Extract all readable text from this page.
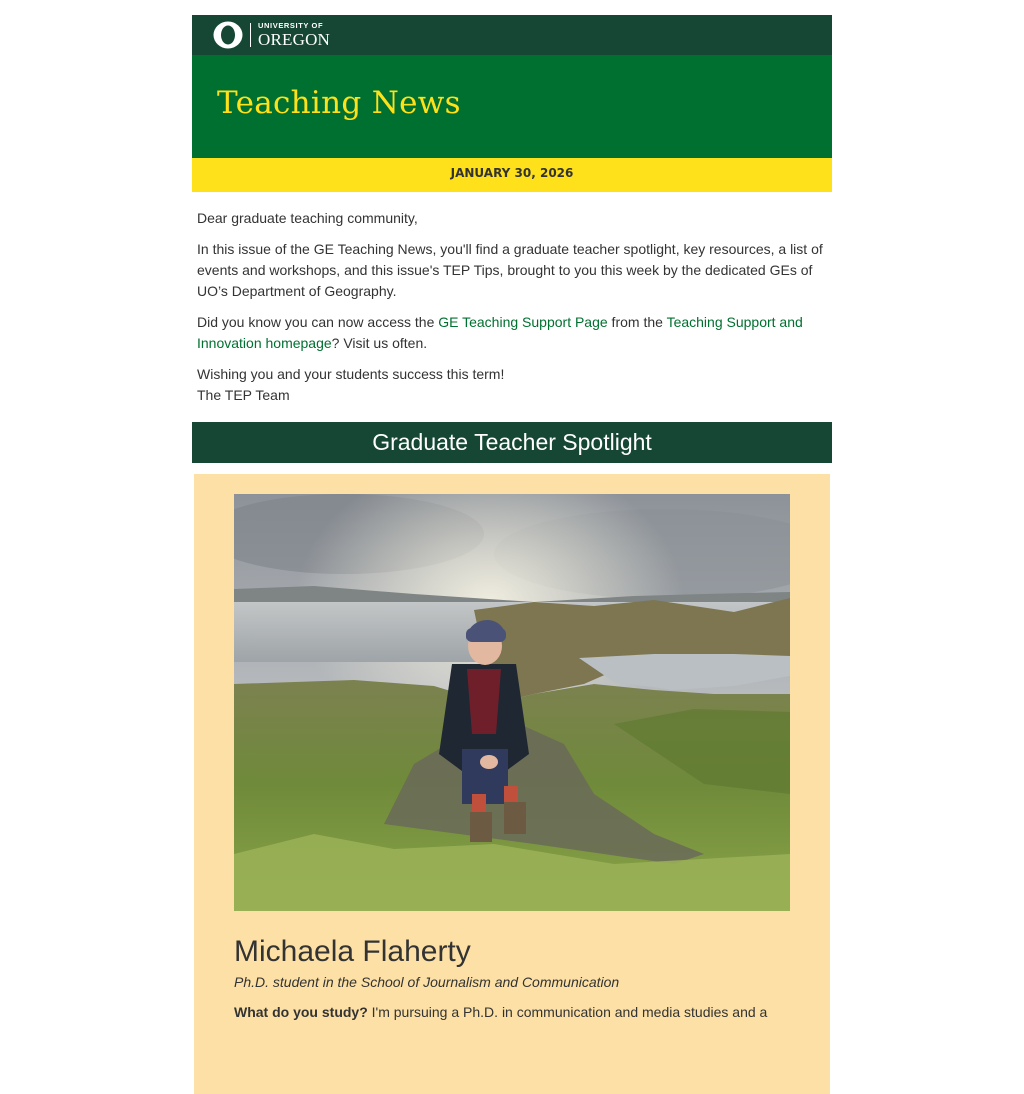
UNIVERSITY OF
OREGON
Teaching News
JANUARY 30, 2026

Dear graduate teaching community,

In this issue of the GE Teaching News, you'll find a graduate teacher spotlight, key resources, a list of events and workshops, and this issue's TEP Tips, brought to you this week by the dedicated GEs of UO’s Department of Geography.

Did you know you can now access the GE Teaching Support Page from the Teaching Support and Innovation homepage? Visit us often.

Wishing you and your students success this term!
The TEP Team

Graduate Teacher Spotlight
Michaela Flaherty

Ph.D. student in the School of Journalism and Communication

What do you study? I'm pursuing a Ph.D. in communication and media studies and a
